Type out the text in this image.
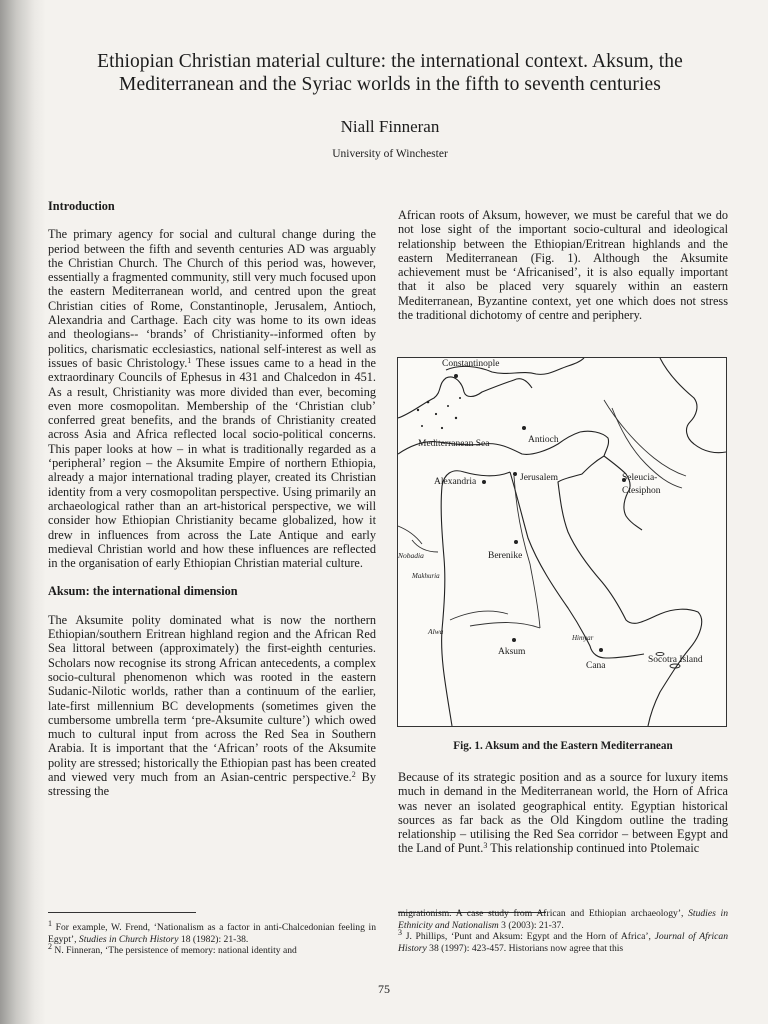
Ethiopian Christian material culture: the international context. Aksum, the
Mediterranean and the Syriac worlds in the fifth to seventh centuries
Niall Finneran
University of Winchester
Introduction

The primary agency for social and cultural change during the period between the fifth and seventh centuries AD was arguably the Christian Church. The Church of this period was, however, essentially a fragmented community, still very much focused upon the eastern Mediterranean world, and centred upon the great Christian cities of Rome, Constantinople, Jerusalem, Antioch, Alexandria and Carthage. Each city was home to its own ideas and theologians-- ‘brands’ of Christianity--informed often by politics, charismatic ecclesiastics, national self-interest as well as issues of basic Christology.$^1$ These issues came to a head in the extraordinary Councils of Ephesus in 431 and Chalcedon in 451. As a result, Christianity was more divided than ever, becoming even more cosmopolitan. Membership of the ‘Christian club’ conferred great benefits, and the brands of Christianity created across Asia and Africa reflected local socio-political concerns. This paper looks at how – in what is traditionally regarded as a ‘peripheral’ region – the Aksumite Empire of northern Ethiopia, already a major international trading player, created its Christian identity from a very cosmopolitan perspective. Using primarily an archaeological rather than an art-historical perspective, we will consider how Ethiopian Christianity became globalized, how it drew in influences from across the Late Antique and early medieval Christian world and how these influences are reflected in the organisation of early Ethiopian Christian material culture.

Aksum: the international dimension

The Aksumite polity dominated what is now the northern Ethiopian/southern Eritrean highland region and the African Red Sea littoral between (approximately) the first-eighth centuries. Scholars now recognise its strong African antecedents, a complex socio-cultural phenomenon which was rooted in the eastern Sudanic-Nilotic worlds, rather than a continuum of the earlier, late-first millennium BC developments (sometimes given the cumbersome umbrella term ‘pre-Aksumite culture’) which owed much to cultural input from across the Red Sea in Southern Arabia. It is important that the ‘African’ roots of the Aksumite polity are stressed; historically the Ethiopian past has been created and viewed very much from an Asian-centric perspective.$^2$ By stressing the

African roots of Aksum, however, we must be careful that we do not lose sight of the important socio-cultural and ideological relationship between the Ethiopian/Eritrean highlands and the eastern Mediterranean (Fig. 1). Although the Aksumite achievement must be ‘Africanised’, it is also equally important that it also be placed very squarely within an eastern Mediterranean, Byzantine context, yet one which does not stress the traditional dichotomy of centre and periphery.

Constantinople
Mediterranean Sea	Antioch
Jerusalem
Alexandria	Seleucia-
Ctesiphon
Nobadia
Makhuria
Berenike
Alwa
Himyar
Aksum
Cana
Socotra Island
Fig. 1. Aksum and the Eastern Mediterranean

Because of its strategic position and as a source for luxury items much in demand in the Mediterranean world, the Horn of Africa was never an isolated geographical entity. Egyptian historical sources as far back as the Old Kingdom outline the trading relationship – utilising the Red Sea corridor – between Egypt and the Land of Punt.$^3$ This relationship continued into Ptolemaic

$^1$ For example, W. Frend, ‘Nationalism as a factor in anti-Chalcedonian feeling in Egypt’, Studies in Church History 18 (1982): 21-38.

$^2$ N. Finneran, ‘The persistence of memory: national identity and

migrationism. A case study from African and Ethiopian archaeology’, Studies in Ethnicity and Nationalism 3 (2003): 21-37.

$^3$ J. Phillips, ‘Punt and Aksum: Egypt and the Horn of Africa’, Journal of African History 38 (1997): 423-457. Historians now agree that this

75
